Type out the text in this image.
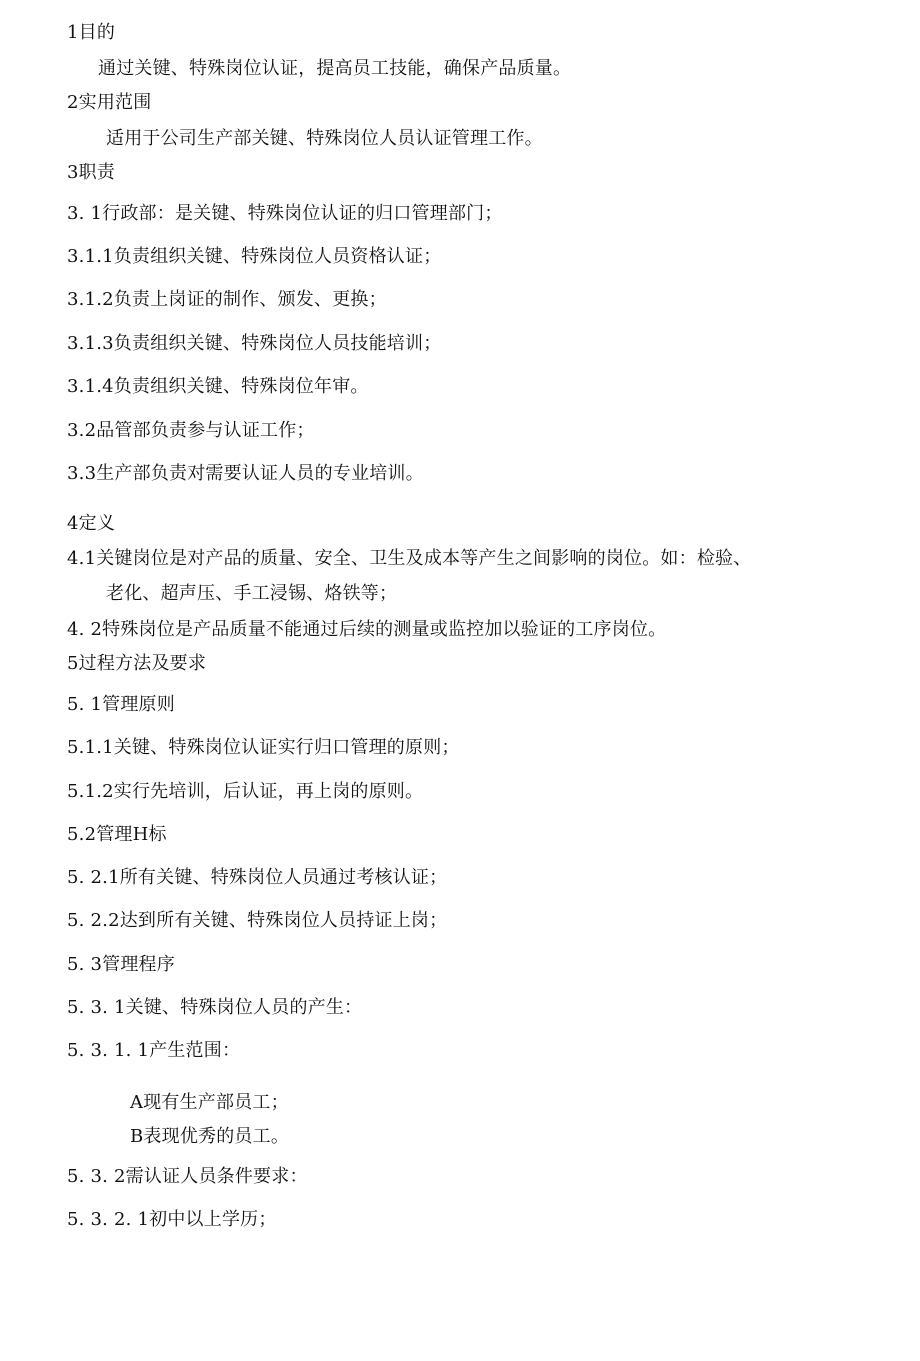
1目的
通过关键、特殊岗位认证，提高员工技能，确保产品质量。
2实用范围
适用于公司生产部关键、特殊岗位人员认证管理工作。
3职责
3. 1行政部：是关键、特殊岗位认证的归口管理部门；
3.1.1负责组织关键、特殊岗位人员资格认证；
3.1.2负责上岗证的制作、颁发、更换；
3.1.3负责组织关键、特殊岗位人员技能培训；
3.1.4负责组织关键、特殊岗位年审。
3.2品管部负责参与认证工作；
3.3生产部负责对需要认证人员的专业培训。
4定义
4.1关键岗位是对产品的质量、安全、卫生及成本等产生之间影响的岗位。如：检验、
老化、超声压、手工浸锡、烙铁等；
4. 2特殊岗位是产品质量不能通过后续的测量或监控加以验证的工序岗位。
5过程方法及要求
5. 1管理原则
5.1.1关键、特殊岗位认证实行归口管理的原则；
5.1.2实行先培训，后认证，再上岗的原则。
5.2管理H标
5. 2.1所有关键、特殊岗位人员通过考核认证；
5. 2.2达到所有关键、特殊岗位人员持证上岗；
5. 3管理程序
5. 3. 1关键、特殊岗位人员的产生：
5. 3. 1. 1产生范围：
A现有生产部员工；
B表现优秀的员工。
5. 3. 2需认证人员条件要求：
5. 3. 2. 1初中以上学历；
